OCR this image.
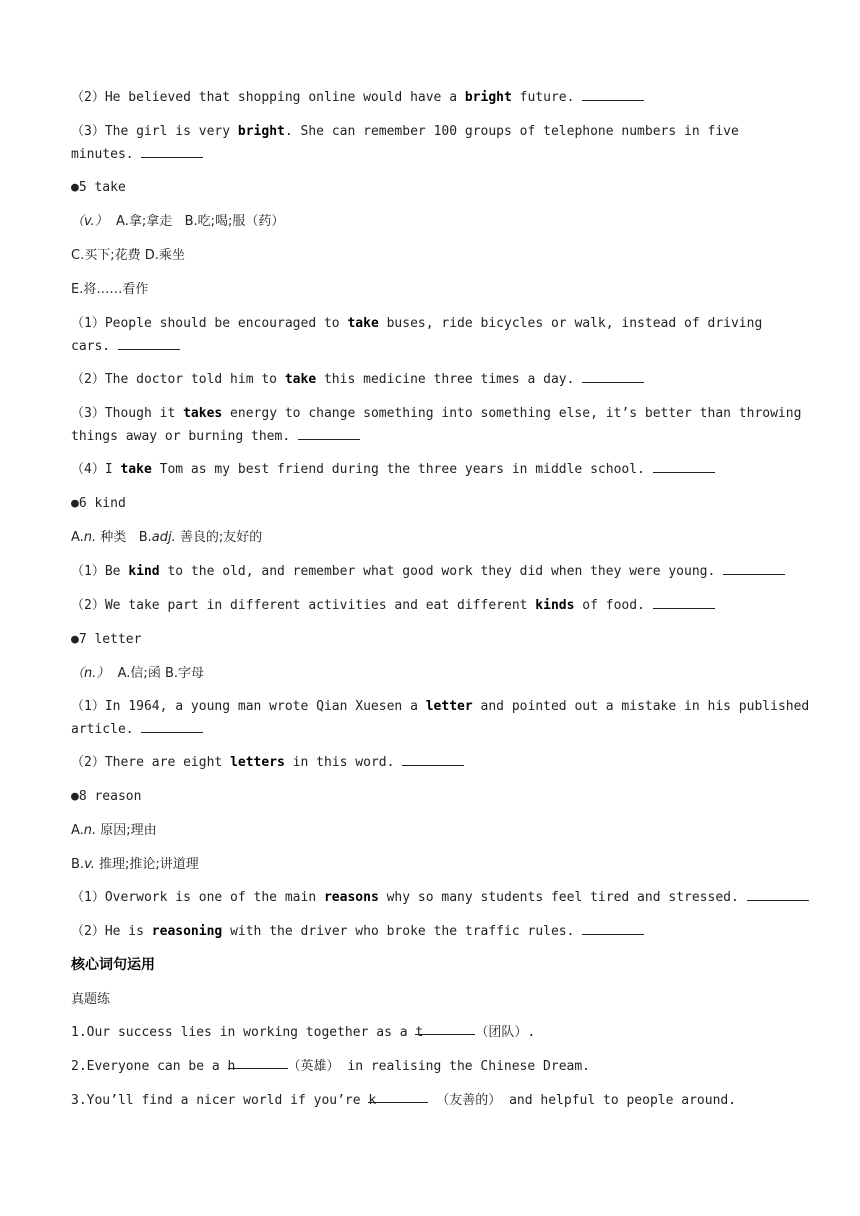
（2）He believed that shopping online would have a bright future.
（3）The girl is very bright. She can remember 100 groups of telephone numbers in five
minutes.
●5 take
（v.）  A.拿;拿走   B.吃;喝;服（药）
C.买下;花费 D.乘坐
E.将……看作
（1）People should be encouraged to take buses, ride bicycles or walk, instead of driving
cars.
（2）The doctor told him to take this medicine three times a day.
（3）Though it takes energy to change something into something else, it’s better than throwing
things away or burning them.
（4）I take Tom as my best friend during the three years in middle school.
●6 kind
A.n. 种类   B.adj. 善良的;友好的
（1）Be kind to the old, and remember what good work they did when they were young.
（2）We take part in different activities and eat different kinds of food.
●7 letter
（n.）  A.信;函 B.字母
（1）In 1964, a young man wrote Qian Xuesen a letter and pointed out a mistake in his published
article.
（2）There are eight letters in this word.
●8 reason
A.n. 原因;理由
B.v. 推理;推论;讲道理
（1）Overwork is one of the main reasons why so many students feel tired and stressed.
（2）He is reasoning with the driver who broke the traffic rules.
核心词句运用
真题练
1.Our success lies in working together as a t	（团队）.
2.Everyone can be a h	（英雄） in realising the Chinese Dream.
3.You’ll find a nicer world if you’re k	（友善的） and helpful to people around.
